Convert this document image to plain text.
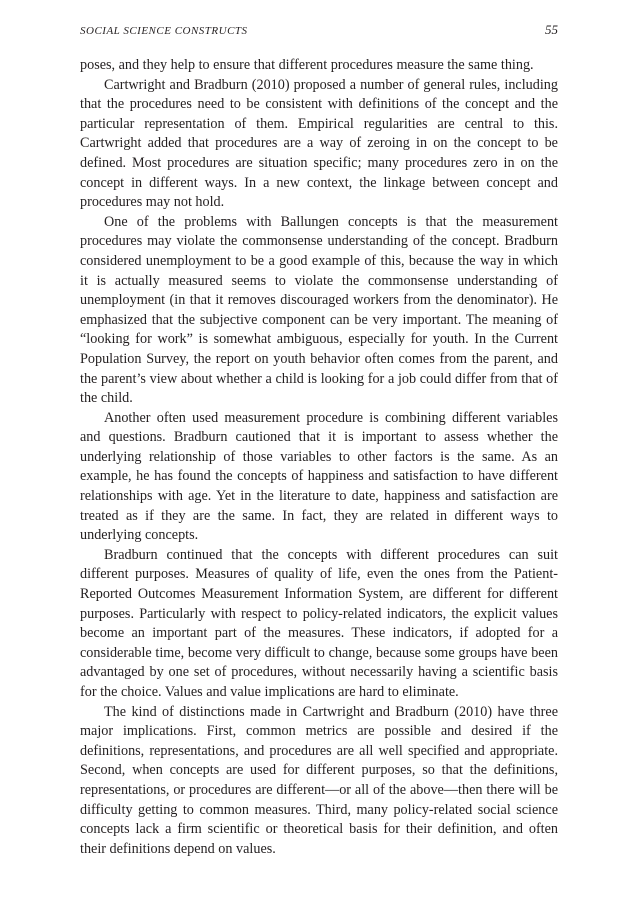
SOCIAL SCIENCE CONSTRUCTS	55

poses, and they help to ensure that different procedures measure the same thing.

Cartwright and Bradburn (2010) proposed a number of general rules, including that the procedures need to be consistent with definitions of the concept and the particular representation of them. Empirical regularities are central to this. Cartwright added that procedures are a way of zeroing in on the concept to be defined. Most procedures are situation specific; many procedures zero in on the concept in different ways. In a new context, the linkage between concept and procedures may not hold.

One of the problems with Ballungen concepts is that the measurement procedures may violate the commonsense understanding of the concept. Bradburn considered unemployment to be a good example of this, because the way in which it is actually measured seems to violate the commonsense understanding of unemployment (in that it removes discouraged workers from the denominator). He emphasized that the subjective component can be very important. The meaning of “looking for work” is somewhat ambiguous, especially for youth. In the Current Population Survey, the report on youth behavior often comes from the parent, and the parent’s view about whether a child is looking for a job could differ from that of the child.

Another often used measurement procedure is combining different variables and questions. Bradburn cautioned that it is important to assess whether the underlying relationship of those variables to other factors is the same. As an example, he has found the concepts of happiness and satisfaction to have different relationships with age. Yet in the literature to date, happiness and satisfaction are treated as if they are the same. In fact, they are related in different ways to underlying concepts.

Bradburn continued that the concepts with different procedures can suit different purposes. Measures of quality of life, even the ones from the Patient-Reported Outcomes Measurement Information System, are different for different purposes. Particularly with respect to policy-related indicators, the explicit values become an important part of the measures. These indicators, if adopted for a considerable time, become very difficult to change, because some groups have been advantaged by one set of procedures, without necessarily having a scientific basis for the choice. Values and value implications are hard to eliminate.

The kind of distinctions made in Cartwright and Bradburn (2010) have three major implications. First, common metrics are possible and desired if the definitions, representations, and procedures are all well specified and appropriate. Second, when concepts are used for different purposes, so that the definitions, representations, or procedures are different—or all of the above—then there will be difficulty getting to common measures. Third, many policy-related social science concepts lack a firm scientific or theoretical basis for their definition, and often their definitions depend on values.
